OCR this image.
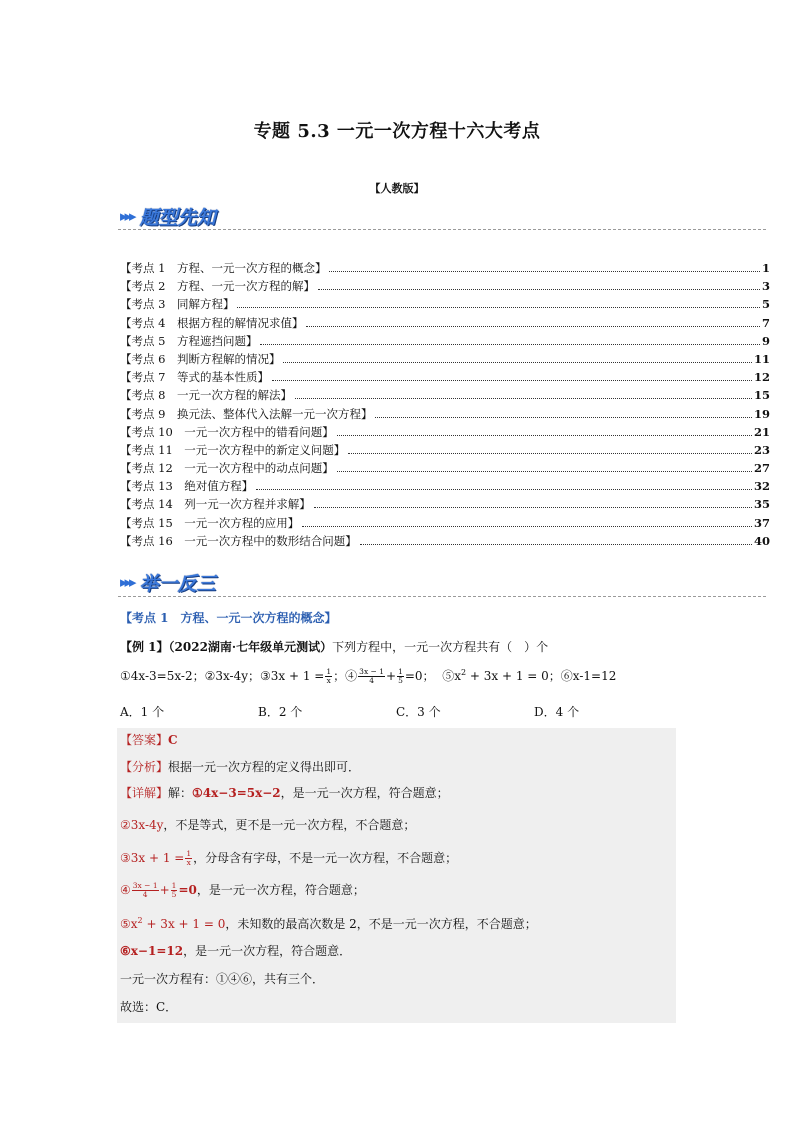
专题 5.3 一元一次方程十六大考点
【人教版】
▸▸▸ 题型先知
【考点 1　方程、一元一次方程的概念】	1
【考点 2　方程、一元一次方程的解】	3
【考点 3　同解方程】	5
【考点 4　根据方程的解情况求值】	7
【考点 5　方程遮挡问题】	9
【考点 6　判断方程解的情况】	11
【考点 7　等式的基本性质】	12
【考点 8　一元一次方程的解法】	15
【考点 9　换元法、整体代入法解一元一次方程】	19
【考点 10　一元一次方程中的错看问题】	21
【考点 11　一元一次方程中的新定义问题】	23
【考点 12　一元一次方程中的动点问题】	27
【考点 13　绝对值方程】	32
【考点 14　列一元一次方程并求解】	35
【考点 15　一元一次方程的应用】	37
【考点 16　一元一次方程中的数形结合问题】	40
▸▸▸ 举一反三
【考点 1　方程、一元一次方程的概念】
【例 1】（2022湖南·七年级单元测试）下列方程中，一元一次方程共有（　）个
①4x-3=5x-2；②3x-4y；③3x + $1 = \frac{1}{x}$ ；④ $\frac{3x - 1}{4} + \frac{1}{5} =0$； $⑤x^2 + 3x + 1 = 0$；⑥x-1=12
A．1 个	B．2 个	C．3 个	D．4 个
【答案】C
【分析】根据一元一次方程的定义得出即可．
【详解】解：①4x−3=5x−2，是一元一次方程，符合题意；
②3x-4y，不是等式，更不是一元一次方程，不合题意；
③3x + $1 = \frac{1}{x}$ ，分母含有字母，不是一元一次方程，不合题意；
④ $\frac{3x - 1}{4} + \frac{1}{5} =0$，是一元一次方程，符合题意；
$⑤x^2 + 3x + 1 = 0$，未知数的最高次数是 2，不是一元一次方程，不合题意；
⑥x−1=12，是一元一次方程，符合题意．
一元一次方程有：①④⑥，共有三个．
故选：C．
